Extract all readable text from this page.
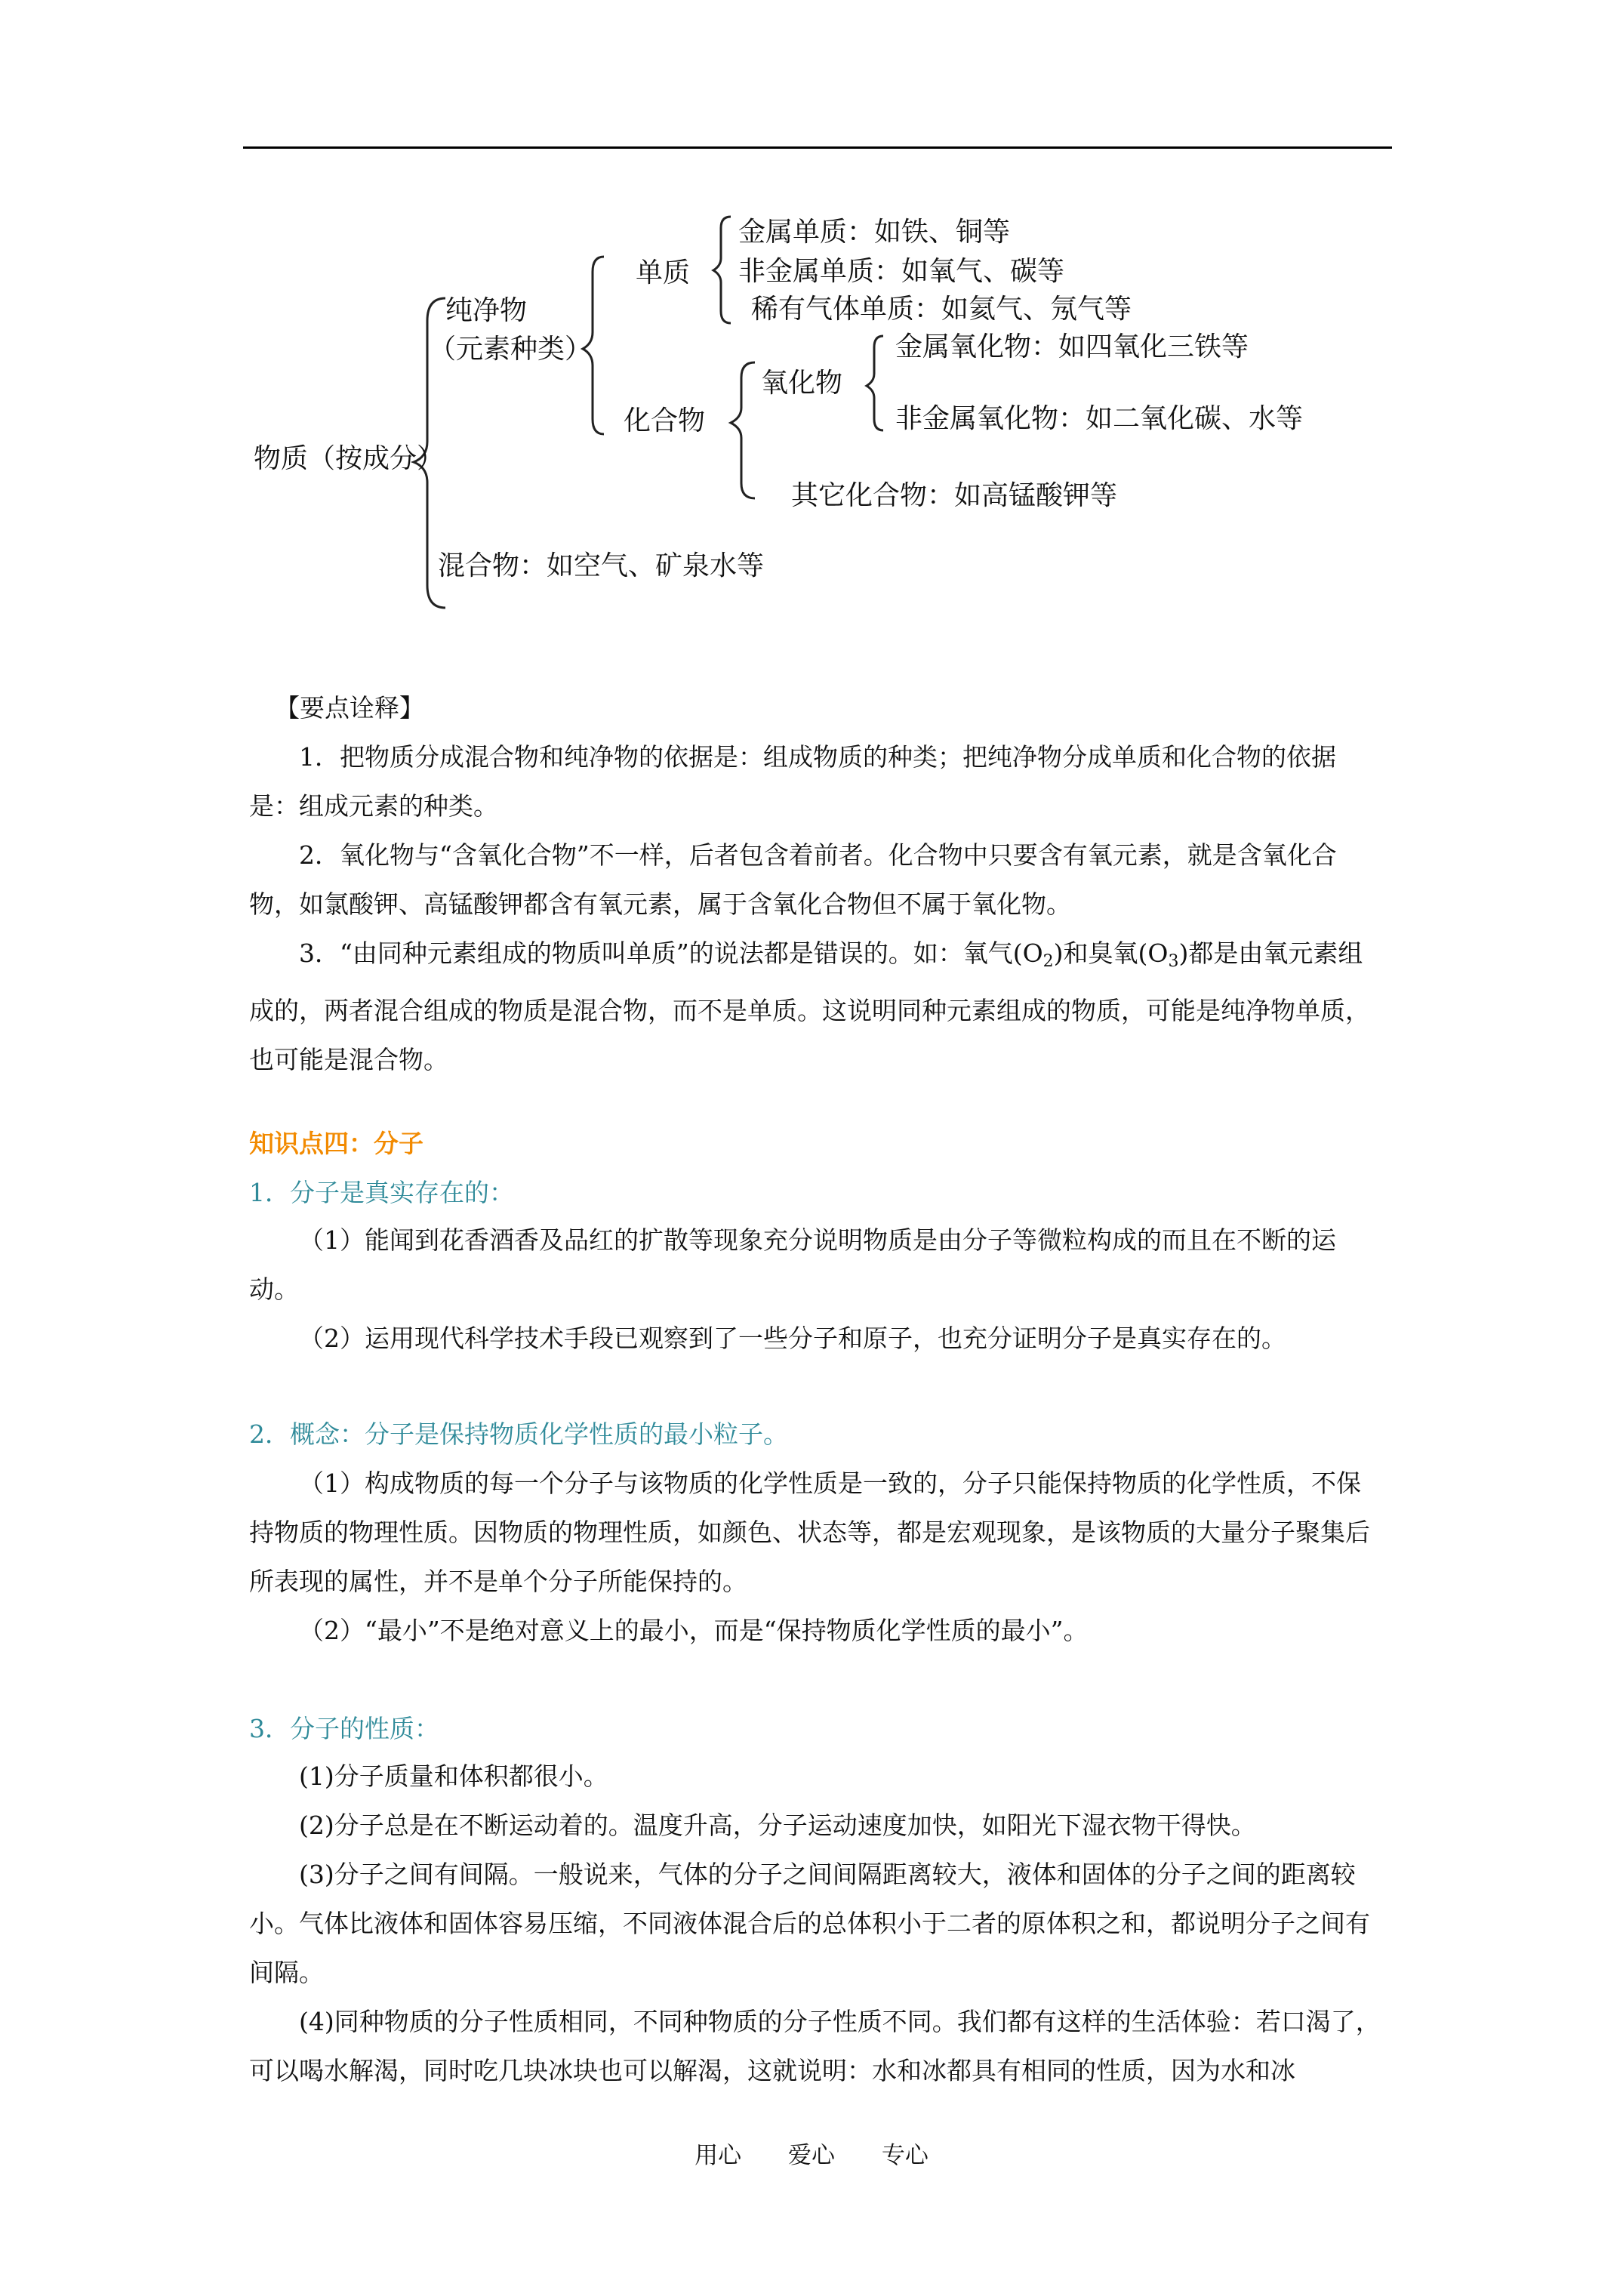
物质（按成分）
纯净物
（元素种类）
混合物：如空气、矿泉水等
单质
化合物
金属单质：如铁、铜等
非金属单质：如氧气、碳等
稀有气体单质：如氦气、氖气等
氧化物
其它化合物：如高锰酸钾等
金属氧化物：如四氧化三铁等
非金属氧化物：如二氧化碳、水等
【要点诠释】

1．把物质分成混合物和纯净物的依据是：组成物质的种类；把纯净物分成单质和化合物的依据是：组成元素的种类。

2．氧化物与“含氧化合物”不一样，后者包含着前者。化合物中只要含有氧元素，就是含氧化合物，如氯酸钾、高锰酸钾都含有氧元素，属于含氧化合物但不属于氧化物。

3．“由同种元素组成的物质叫单质”的说法都是错误的。如：氧气$(O_2)$和臭氧$(O_3)$都是由氧元素组成的，两者混合组成的物质是混合物，而不是单质。这说明同种元素组成的物质，可能是纯净物单质，也可能是混合物。

知识点四：分子
1．分子是真实存在的：

（1）能闻到花香酒香及品红的扩散等现象充分说明物质是由分子等微粒构成的而且在不断的运动。

（2）运用现代科学技术手段已观察到了一些分子和原子，也充分证明分子是真实存在的。

2．概念：分子是保持物质化学性质的最小粒子。

（1）构成物质的每一个分子与该物质的化学性质是一致的，分子只能保持物质的化学性质，不保持物质的物理性质。因物质的物理性质，如颜色、状态等，都是宏观现象，是该物质的大量分子聚集后所表现的属性，并不是单个分子所能保持的。

（2）“最小”不是绝对意义上的最小，而是“保持物质化学性质的最小”。

3．分子的性质：

(1)分子质量和体积都很小。

(2)分子总是在不断运动着的。温度升高，分子运动速度加快，如阳光下湿衣物干得快。

(3)分子之间有间隔。一般说来，气体的分子之间间隔距离较大，液体和固体的分子之间的距离较小。气体比液体和固体容易压缩，不同液体混合后的总体积小于二者的原体积之和，都说明分子之间有间隔。

(4)同种物质的分子性质相同，不同种物质的分子性质不同。我们都有这样的生活体验：若口渴了，可以喝水解渴，同时吃几块冰块也可以解渴，这就说明：水和冰都具有相同的性质，因为水和冰

用心 爱心 专心
